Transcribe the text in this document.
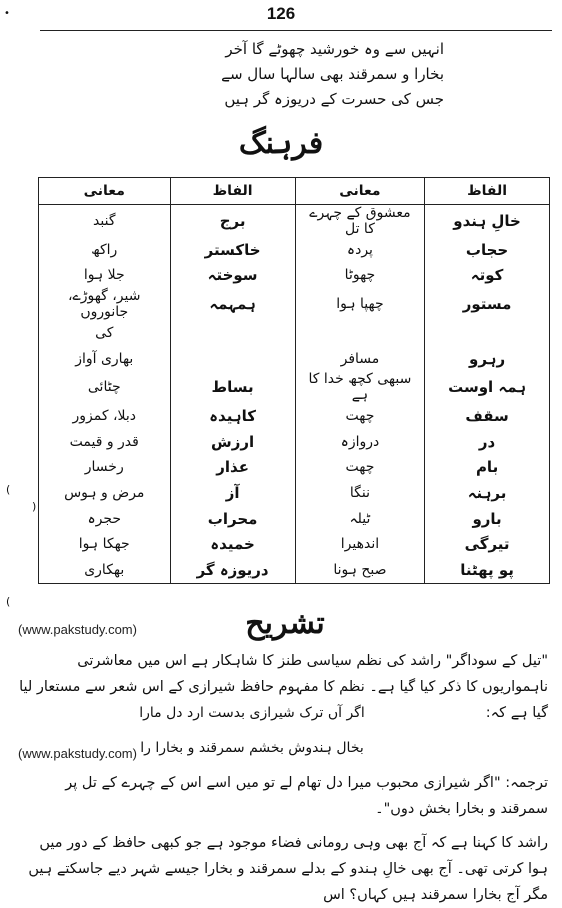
•	126
انہیں سے وہ خورشید چھوٹے گا آخر
بخارا و سمرقند بھی سالہا سال سے
جس کی حسرت کے دریوزہ گر ہیں
فرہنگ
الفاظ	معانی	الفاظ	معانی
خالِ ہندو	معشوق کے چہرے کا تل	برج	گنبد
حجاب	پردہ	خاکستر	راکھ
کوتہ	چھوٹا	سوختہ	جلا ہوا
مستور	چھپا ہوا	ہمہمہ	شیر، گھوڑے، جانوروں
			کی
رہرو	مسافر		بھاری آواز
ہمہ اوست	سبھی کچھ خدا کا ہے	بساط	چٹائی
سقف	چھت	کاہیدہ	دبلا، کمزور
در	دروازہ	ارزش	قدر و قیمت
بام	چھت	عذار	رخسار
برہنہ	ننگا	آز	مرض و ہوس
بارو	ٹیلہ	محراب	حجرہ
تیرگی	اندھیرا	خمیدہ	جھکا ہوا
پو پھٹنا	صبح ہونا	دریوزہ گر	بھکاری
(www.pakstudy.com)	تشریح
"تیل کے سوداگر" راشد کی نظم سیاسی طنز کا شاہکار ہے اس میں معاشرتی ناہمواریوں کا ذکر کیا گیا ہے۔ نظم کا مفہوم حافظ شیرازی کے اس شعر سے مستعار لیا گیا ہے کہ:
اگر آں ترک شیرازی بدست ارد دل مارا
(www.pakstudy.com) بخال ہندوش بخشم سمرقند و بخارا را
ترجمہ: "اگر شیرازی محبوب میرا دل تھام لے تو میں اسے اس کے چہرے کے تل پر سمرقند و بخارا بخش دوں"۔
راشد کا کہنا ہے کہ آج بھی وہی رومانی فضاء موجود ہے جو کبھی حافظ کے دور میں ہوا کرتی تھی۔ آج بھی خالِ ہندو کے بدلے سمرقند و بخارا جیسے شہر دیے جاسکتے ہیں مگر آج بخارا سمرقند ہیں کہاں؟ اس
(
)
(
